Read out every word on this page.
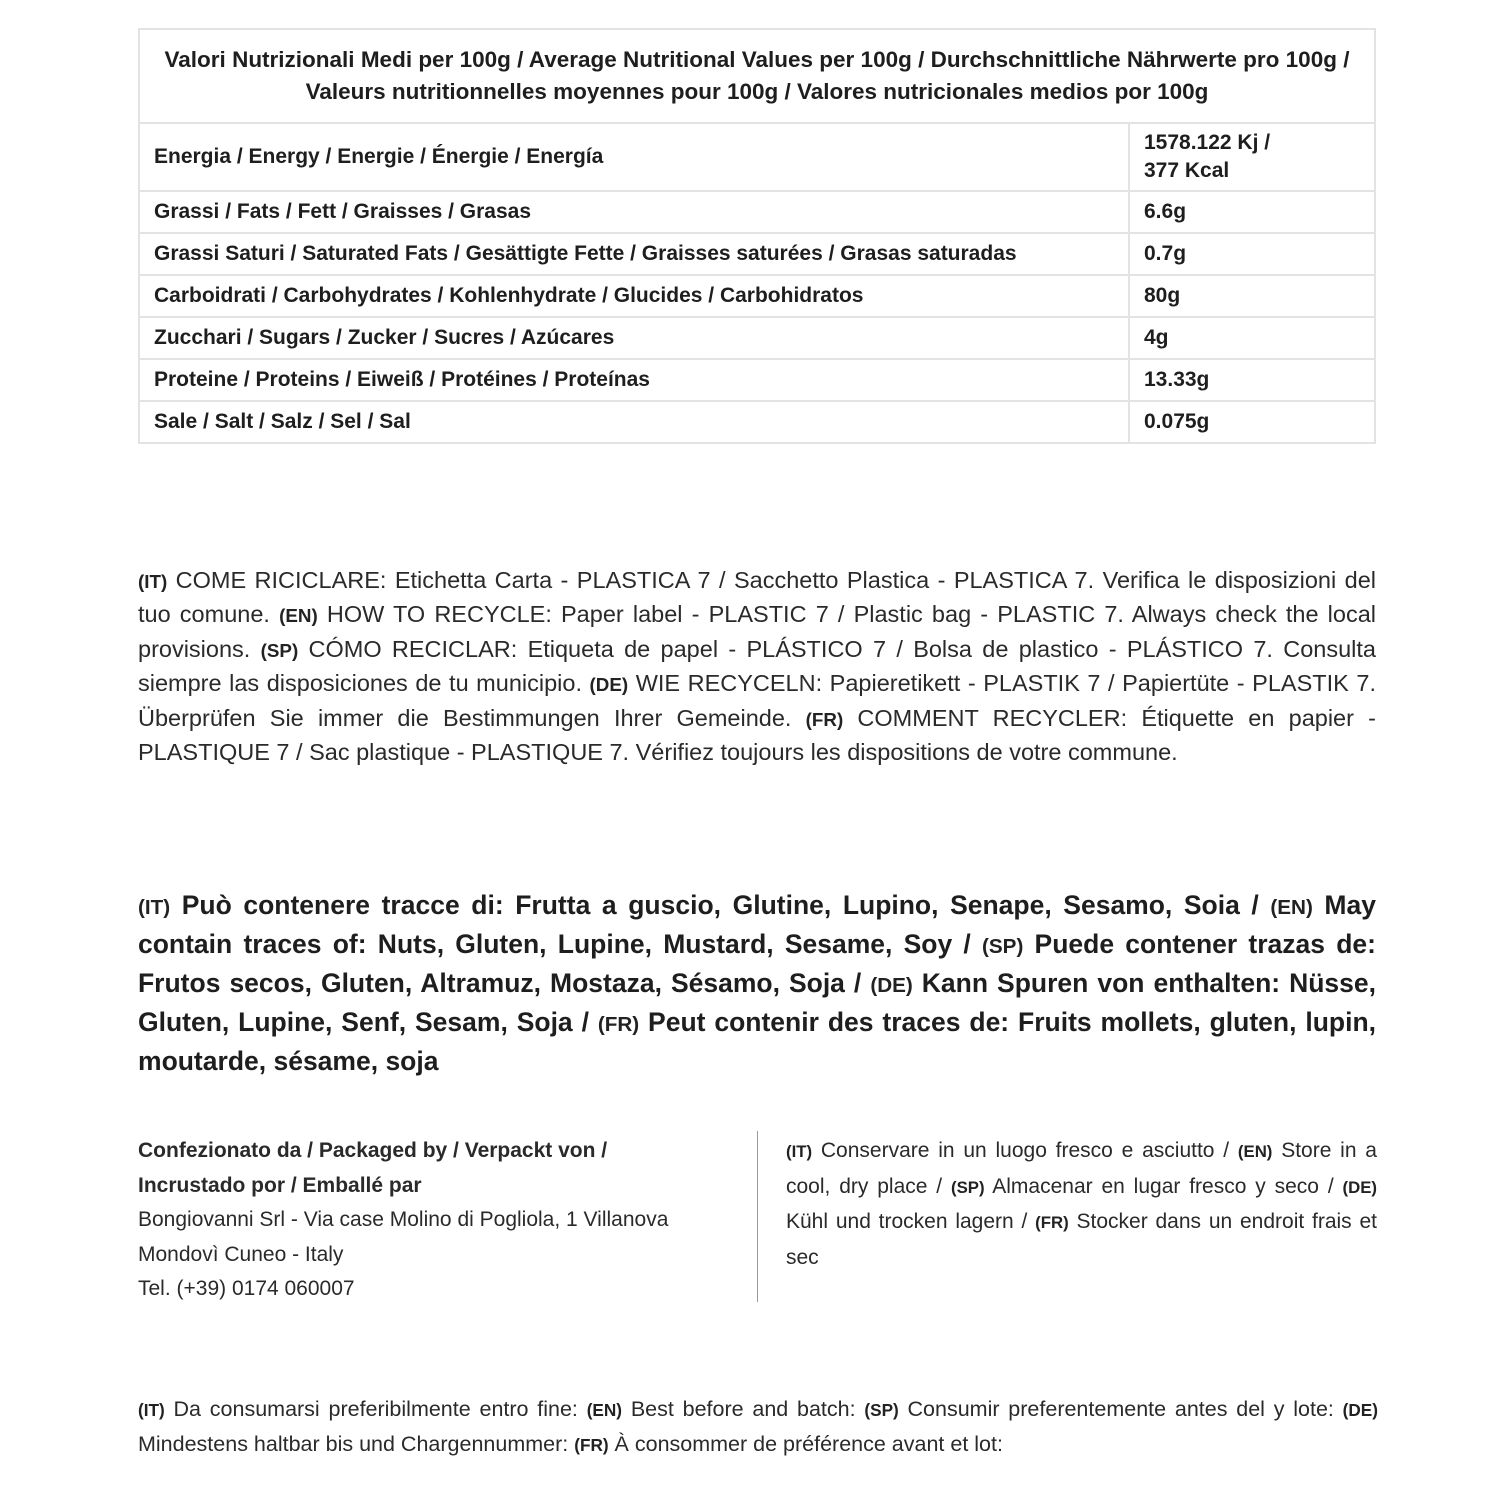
Valori Nutrizionali Medi per 100g / Average Nutritional Values per 100g / Durchschnittliche Nährwerte pro 100g / Valeurs nutritionnelles moyennes pour 100g / Valores nutricionales medios por 100g	
Energia / Energy / Energie / Énergie / Energía	1578.122 Kj /
377 Kcal
Grassi / Fats / Fett / Graisses / Grasas	6.6g
Grassi Saturi / Saturated Fats / Gesättigte Fette / Graisses saturées / Grasas saturadas	0.7g
Carboidrati / Carbohydrates / Kohlenhydrate / Glucides / Carbohidratos	80g
Zucchari / Sugars / Zucker / Sucres / Azúcares	4g
Proteine / Proteins / Eiweiß / Protéines / Proteínas	13.33g
Sale / Salt / Salz / Sel / Sal	0.075g

(IT) COME RICICLARE: Etichetta Carta - PLASTICA 7 / Sacchetto Plastica - PLASTICA 7. Verifica le disposizioni del tuo comune. (EN) HOW TO RECYCLE: Paper label - PLASTIC 7 / Plastic bag - PLASTIC 7. Always check the local provisions. (SP) CÓMO RECICLAR: Etiqueta de papel - PLÁSTICO 7 / Bolsa de plastico - PLÁSTICO 7. Consulta siempre las disposiciones de tu municipio. (DE) WIE RECYCELN: Papieretikett - PLASTIK 7 / Papiertüte - PLASTIK 7. Überprüfen Sie immer die Bestimmungen Ihrer Gemeinde. (FR) COMMENT RECYCLER: Étiquette en papier - PLASTIQUE 7 / Sac plastique - PLASTIQUE 7. Vérifiez toujours les dispositions de votre commune.

(IT) Può contenere tracce di: Frutta a guscio, Glutine, Lupino, Senape, Sesamo, Soia / (EN) May contain traces of: Nuts, Gluten, Lupine, Mustard, Sesame, Soy / (SP) Puede contener trazas de: Frutos secos, Gluten, Altramuz, Mostaza, Sésamo, Soja / (DE) Kann Spuren von enthalten: Nüsse, Gluten, Lupine, Senf, Sesam, Soja / (FR) Peut contenir des traces de: Fruits mollets, gluten, lupin, moutarde, sésame, soja

Confezionato da / Packaged by / Verpackt von /
Incrustado por / Emballé par
Bongiovanni Srl - Via case Molino di Pogliola, 1 Villanova
Mondovì Cuneo - Italy
Tel. (+39) 0174 060007

(IT) Conservare in un luogo fresco e asciutto / (EN) Store in a cool, dry place / (SP) Almacenar en lugar fresco y seco / (DE) Kühl und trocken lagern / (FR) Stocker dans un endroit frais et sec

(IT) Da consumarsi preferibilmente entro fine: (EN) Best before and batch: (SP) Consumir preferentemente antes del y lote: (DE) Mindestens haltbar bis und Chargennummer: (FR) À consommer de préférence avant et lot:
